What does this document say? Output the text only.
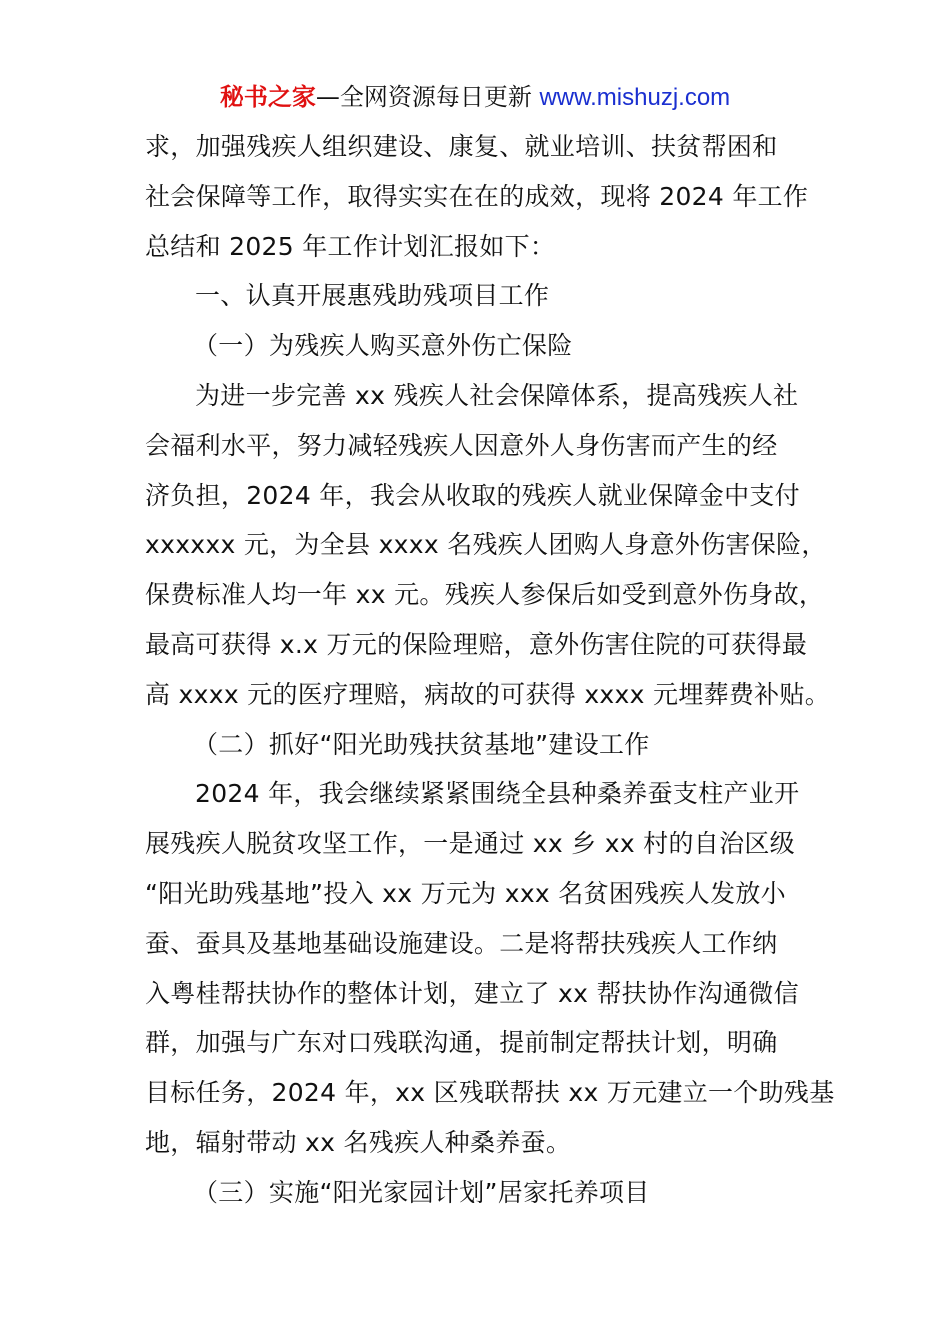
秘书之家—全网资源每日更新 www.mishuzj.com
求，加强残疾人组织建设、康复、就业培训、扶贫帮困和
社会保障等工作，取得实实在在的成效，现将 2024 年工作
总结和 2025 年工作计划汇报如下：
一、认真开展惠残助残项目工作
（一）为残疾人购买意外伤亡保险
为进一步完善 xx 残疾人社会保障体系，提高残疾人社
会福利水平，努力减轻残疾人因意外人身伤害而产生的经
济负担，2024 年，我会从收取的残疾人就业保障金中支付
xxxxxx 元，为全县 xxxx 名残疾人团购人身意外伤害保险，
保费标准人均一年 xx 元。残疾人参保后如受到意外伤身故，
最高可获得 x.x 万元的保险理赔，意外伤害住院的可获得最
高 xxxx 元的医疗理赔，病故的可获得 xxxx 元埋葬费补贴。
（二）抓好“阳光助残扶贫基地”建设工作
2024 年，我会继续紧紧围绕全县种桑养蚕支柱产业开
展残疾人脱贫攻坚工作，一是通过 xx 乡 xx 村的自治区级
“阳光助残基地”投入 xx 万元为 xxx 名贫困残疾人发放小
蚕、蚕具及基地基础设施建设。二是将帮扶残疾人工作纳
入粤桂帮扶协作的整体计划，建立了 xx 帮扶协作沟通微信
群，加强与广东对口残联沟通，提前制定帮扶计划，明确
目标任务，2024 年，xx 区残联帮扶 xx 万元建立一个助残基
地，辐射带动 xx 名残疾人种桑养蚕。
（三）实施“阳光家园计划”居家托养项目
